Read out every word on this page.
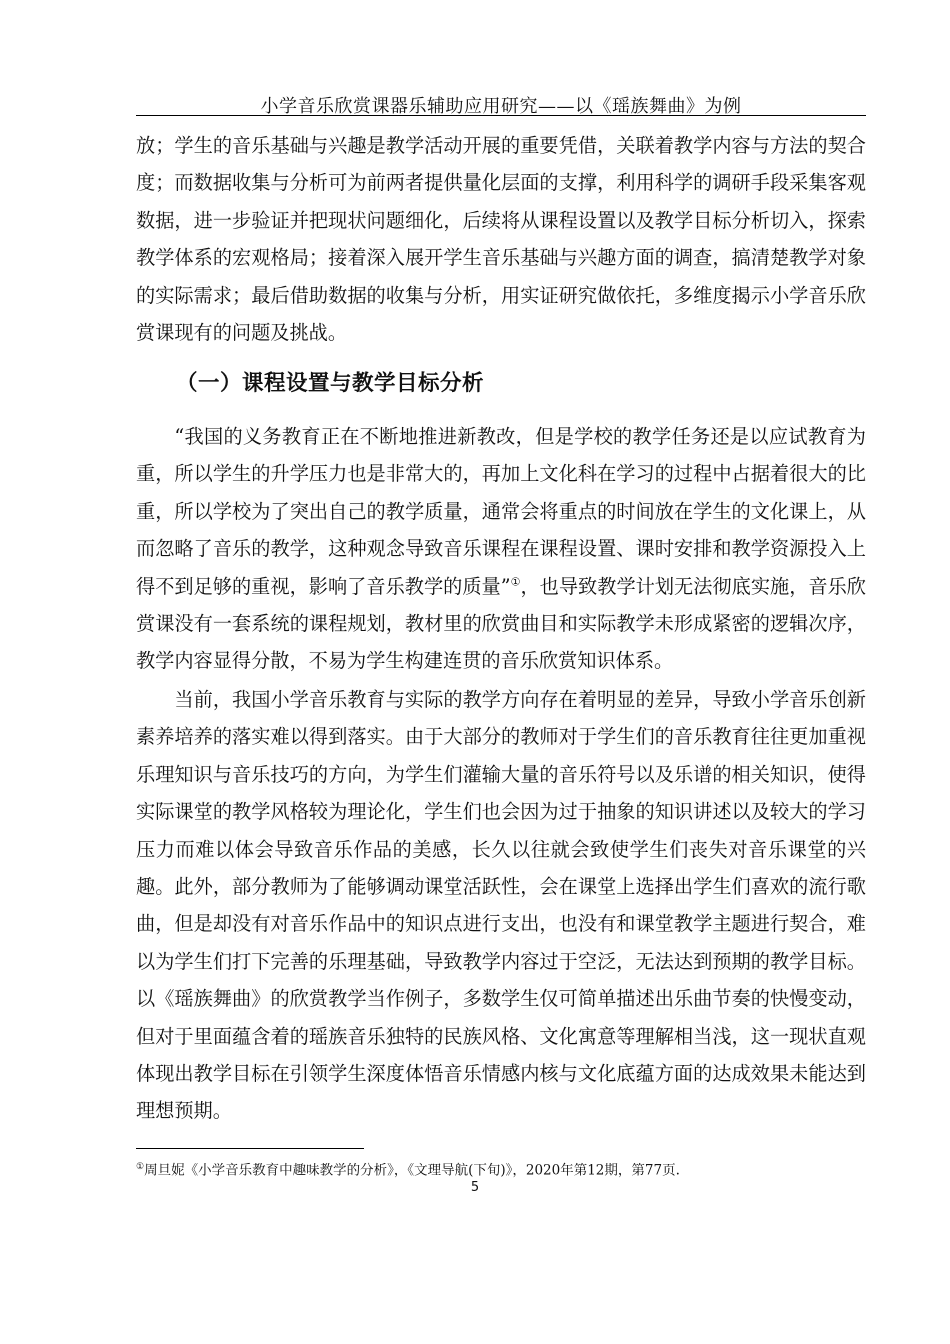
小学音乐欣赏课器乐辅助应用研究——以《瑶族舞曲》为例

放；学生的音乐基础与兴趣是教学活动开展的重要凭借，关联着教学内容与方法的契合度；而数据收集与分析可为前两者提供量化层面的支撑，利用科学的调研手段采集客观数据，进一步验证并把现状问题细化，后续将从课程设置以及教学目标分析切入，探索教学体系的宏观格局；接着深入展开学生音乐基础与兴趣方面的调查，搞清楚教学对象的实际需求；最后借助数据的收集与分析，用实证研究做依托，多维度揭示小学音乐欣赏课现有的问题及挑战。

（一）课程设置与教学目标分析

“我国的义务教育正在不断地推进新教改，但是学校的教学任务还是以应试教育为重，所以学生的升学压力也是非常大的，再加上文化科在学习的过程中占据着很大的比重，所以学校为了突出自己的教学质量，通常会将重点的时间放在学生的文化课上，从而忽略了音乐的教学，这种观念导致音乐课程在课程设置、课时安排和教学资源投入上得不到足够的重视，影响了音乐教学的质量”①，也导致教学计划无法彻底实施，音乐欣赏课没有一套系统的课程规划，教材里的欣赏曲目和实际教学未形成紧密的逻辑次序，教学内容显得分散，不易为学生构建连贯的音乐欣赏知识体系。

当前，我国小学音乐教育与实际的教学方向存在着明显的差异，导致小学音乐创新素养培养的落实难以得到落实。由于大部分的教师对于学生们的音乐教育往往更加重视乐理知识与音乐技巧的方向，为学生们灌输大量的音乐符号以及乐谱的相关知识，使得实际课堂的教学风格较为理论化，学生们也会因为过于抽象的知识讲述以及较大的学习压力而难以体会导致音乐作品的美感，长久以往就会致使学生们丧失对音乐课堂的兴趣。此外，部分教师为了能够调动课堂活跃性，会在课堂上选择出学生们喜欢的流行歌曲，但是却没有对音乐作品中的知识点进行支出，也没有和课堂教学主题进行契合，难以为学生们打下完善的乐理基础，导致教学内容过于空泛，无法达到预期的教学目标。以《瑶族舞曲》的欣赏教学当作例子，多数学生仅可简单描述出乐曲节奏的快慢变动，但对于里面蕴含着的瑶族音乐独特的民族风格、文化寓意等理解相当浅，这一现状直观体现出教学目标在引领学生深度体悟音乐情感内核与文化底蕴方面的达成效果未能达到理想预期。

①周旦妮《小学音乐教育中趣味教学的分析》，《文理导航(下旬)》，2020年第12期，第77页.
5
